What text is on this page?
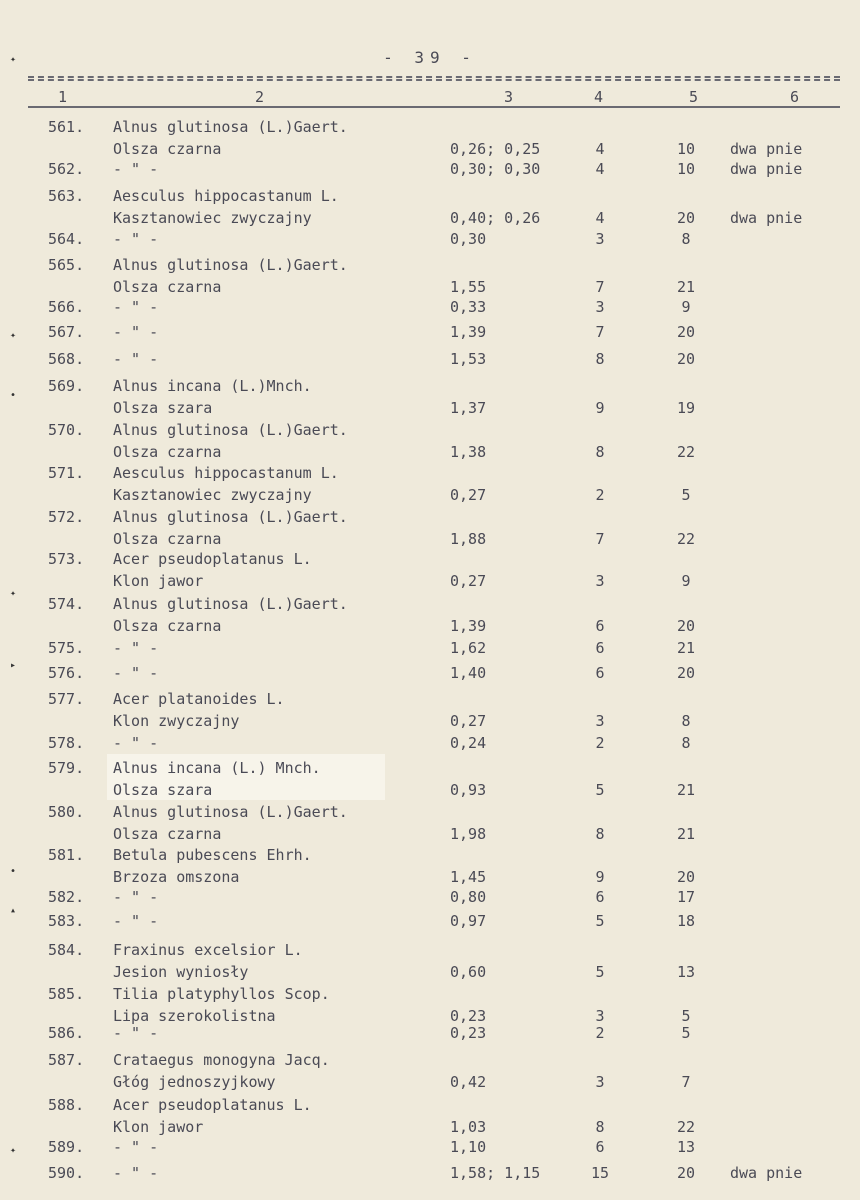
- 39 -
1	2	3	4	5	6
561.	Alnus glutinosa (L.)Gaert.
Olsza czarna	0,26; 0,25	4	10	dwa pnie
562.	- " -	0,30; 0,30	4	10	dwa pnie
563.	Aesculus hippocastanum L.
Kasztanowiec zwyczajny	0,40; 0,26	4	20	dwa pnie
564.	- " -	0,30	3	8
565.	Alnus glutinosa (L.)Gaert.
Olsza czarna	1,55	7	21
566.	- " -	0,33	3	9
567.	- " -	1,39	7	20
568.	- " -	1,53	8	20
569.	Alnus incana (L.)Mnch.
Olsza szara	1,37	9	19
570.	Alnus glutinosa (L.)Gaert.
Olsza czarna	1,38	8	22
571.	Aesculus hippocastanum L.
Kasztanowiec zwyczajny	0,27	2	5
572.	Alnus glutinosa (L.)Gaert.
Olsza czarna	1,88	7	22
573.	Acer pseudoplatanus L.
Klon jawor	0,27	3	9
574.	Alnus glutinosa (L.)Gaert.
Olsza czarna	1,39	6	20
575.	- " -	1,62	6	21
576.	- " -	1,40	6	20
577.	Acer platanoides L.
Klon zwyczajny	0,27	3	8
578.	- " -	0,24	2	8
579.	Alnus incana (L.) Mnch.
Olsza szara	0,93	5	21
580.	Alnus glutinosa (L.)Gaert.
Olsza czarna	1,98	8	21
581.	Betula pubescens Ehrh.
Brzoza omszona	1,45	9	20
582.	- " -	0,80	6	17
583.	- " -	0,97	5	18
584.	Fraxinus excelsior L.
Jesion wyniosły	0,60	5	13
585.	Tilia platyphyllos Scop.
Lipa szerokolistna	0,23	3	5
586.	- " -	0,23	2	5
587.	Crataegus monogyna Jacq.
Głóg jednoszyjkowy	0,42	3	7
588.	Acer pseudoplatanus L.
Klon jawor	1,03	8	22
589.	- " -	1,10	6	13
590.	- " -	1,58; 1,15	15	20	dwa pnie
✦
✦
•
✦
▸
•
▴
✦
